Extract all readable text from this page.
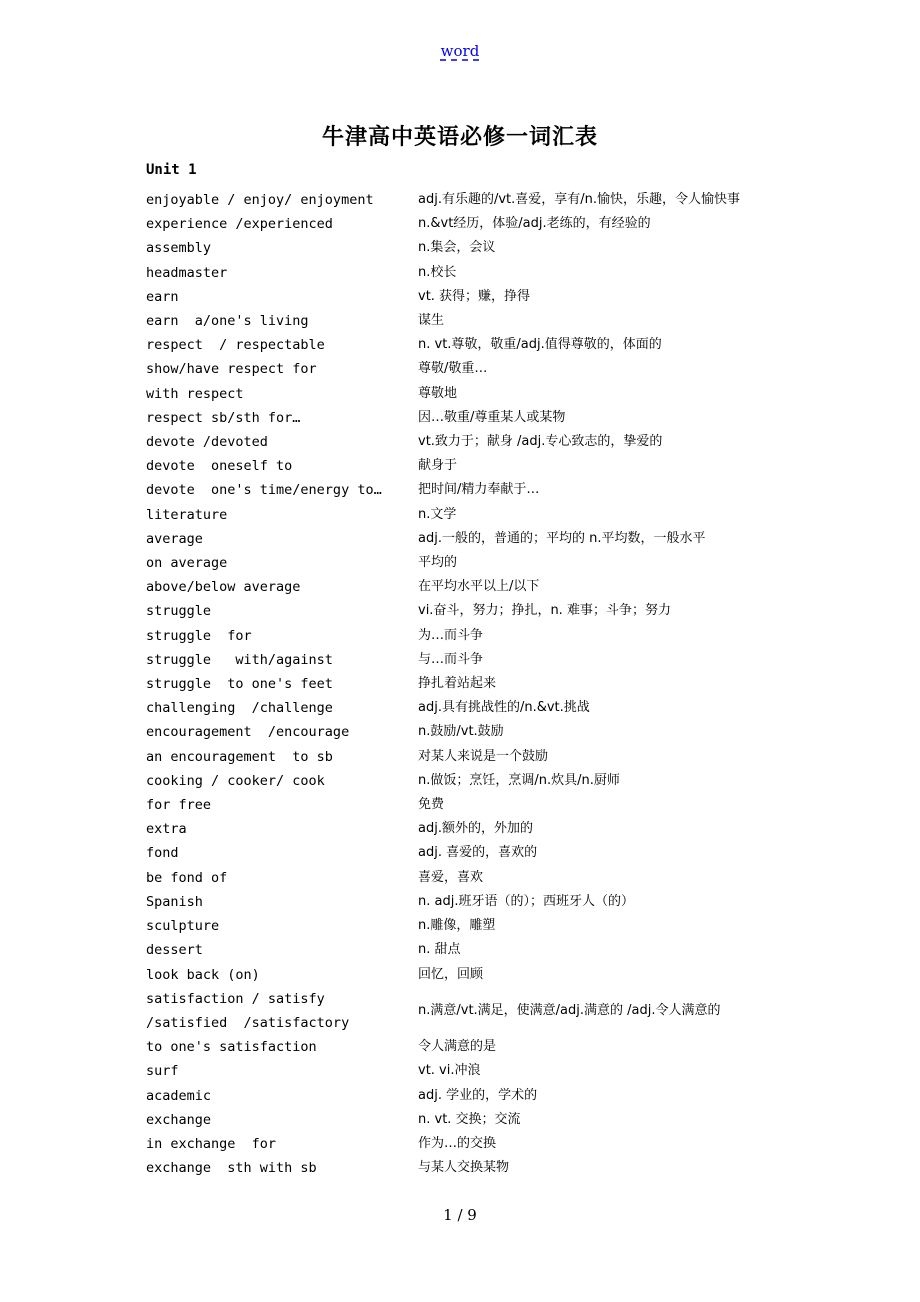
word
牛津高中英语必修一词汇表
Unit 1
enjoyable / enjoy/ enjoyment	adj.有乐趣的/vt.喜爱，享有/n.愉快，乐趣，令人愉快事
experience /experienced	n.&vt经历，体验/adj.老练的，有经验的
assembly	n.集会，会议
headmaster	n.校长
earn	vt. 获得；赚，挣得
earn  a/one's living	谋生
respect  / respectable	n. vt.尊敬，敬重/adj.值得尊敬的，体面的
show/have respect for	尊敬/敬重…
with respect	尊敬地
respect sb/sth for…	因…敬重/尊重某人或某物
devote /devoted	vt.致力于；献身 /adj.专心致志的，挚爱的
devote  oneself to	献身于
devote  one's time/energy to…	把时间/精力奉献于…
literature	n.文学
average	adj.一般的，普通的；平均的 n.平均数，一般水平
on average	平均的
above/below average	在平均水平以上/以下
struggle	vi.奋斗，努力；挣扎，n. 难事；斗争；努力
struggle  for	为…而斗争
struggle   with/against	与…而斗争
struggle  to one's feet	挣扎着站起来
challenging  /challenge	adj.具有挑战性的/n.&vt.挑战
encouragement  /encourage	n.鼓励/vt.鼓励
an encouragement  to sb	对某人来说是一个鼓励
cooking / cooker/ cook	n.做饭；烹饪，烹调/n.炊具/n.厨师
for free	免费
extra	adj.额外的，外加的
fond	adj. 喜爱的，喜欢的
be fond of	喜爱，喜欢
Spanish	n. adj.班牙语（的）；西班牙人（的）
sculpture	n.雕像，雕塑
dessert	n. 甜点
look back (on)	回忆，回顾
satisfaction / satisfy
/satisfied  /satisfactory
n.满意/vt.满足，使满意/adj.满意的 /adj.令人满意的
to one's satisfaction	令人满意的是
surf	vt. vi.冲浪
academic	adj. 学业的，学术的
exchange	n. vt. 交换；交流
in exchange  for	作为…的交换
exchange  sth with sb	与某人交换某物
1 / 9
